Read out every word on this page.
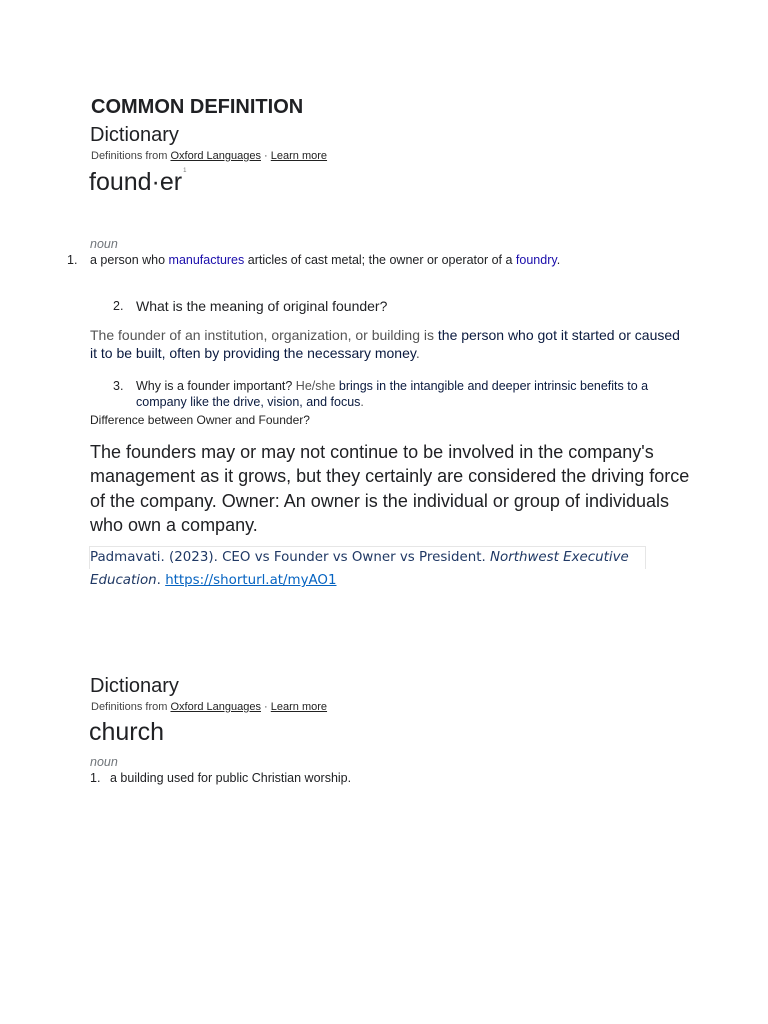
COMMON DEFINITION
Dictionary
Definitions from Oxford Languages · Learn more
$found\cdot er^1$
noun
1. a person who manufactures articles of cast metal; the owner or operator of a foundry.
2. What is the meaning of original founder?
The founder of an institution, organization, or building is the person who got it started or caused it to be built, often by providing the necessary money.
3. Why is a founder important? He/she brings in the intangible and deeper intrinsic benefits to a company like the drive, vision, and focus.
Difference between Owner and Founder?
The founders may or may not continue to be involved in the company's management as it grows, but they certainly are considered the driving force of the company. Owner: An owner is the individual or group of individuals who own a company.
Padmavati. (2023). CEO vs Founder vs Owner vs President. Northwest Executive Education. https://shorturl.at/myAO1
Dictionary
Definitions from Oxford Languages · Learn more
church
noun
1. a building used for public Christian worship.
